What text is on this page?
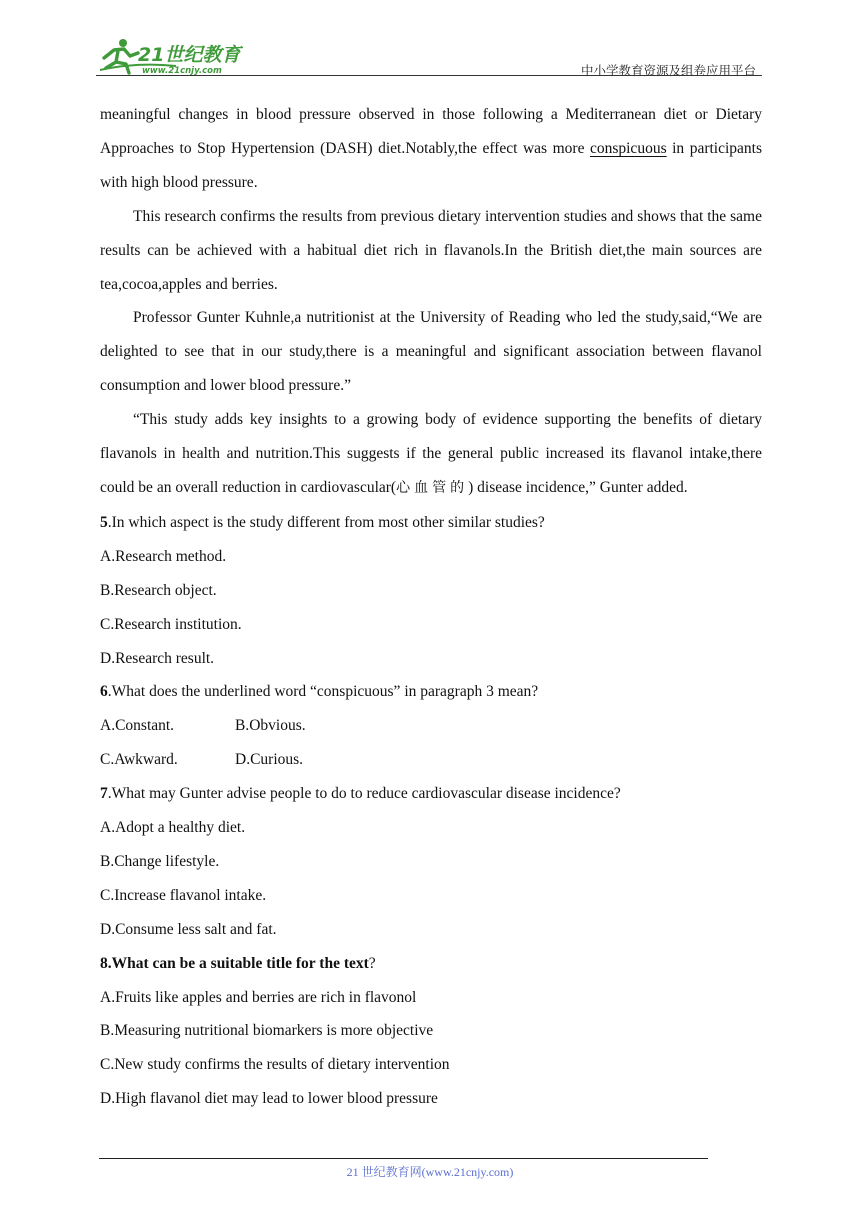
21世纪教育
www.21cnjy.com	中小学教育资源及组卷应用平台

meaningful changes in blood pressure observed in those following a Mediterranean diet or Dietary Approaches to Stop Hypertension (DASH) diet.Notably,the effect was more conspicuous in participants with high blood pressure.

This research confirms the results from previous dietary intervention studies and shows that the same results can be achieved with a habitual diet rich in flavanols.In the British diet,the main sources are tea,cocoa,apples and berries.

Professor Gunter Kuhnle,a nutritionist at the University of Reading who led the study,said,“We are delighted to see that in our study,there is a meaningful and significant association between flavanol consumption and lower blood pressure.”

“This study adds key insights to a growing body of evidence supporting the benefits of dietary flavanols in health and nutrition.This suggests if the general public increased its flavanol intake,there could be an overall reduction in cardiovascular(心血管的) disease incidence,” Gunter added.

5.In which aspect is the study different from most other similar studies?

A.Research method.

B.Research object.

C.Research institution.

D.Research result.

6.What does the underlined word “conspicuous” in paragraph 3 mean?

A.Constant.	B.Obvious.

C.Awkward.	D.Curious.

7.What may Gunter advise people to do to reduce cardiovascular disease incidence?

A.Adopt a healthy diet.

B.Change lifestyle.

C.Increase flavanol intake.

D.Consume less salt and fat.

8.What can be a suitable title for the text?

A.Fruits like apples and berries are rich in flavonol

B.Measuring nutritional biomarkers is more objective

C.New study confirms the results of dietary intervention

D.High flavanol diet may lead to lower blood pressure

21 世纪教育网(www.21cnjy.com)
